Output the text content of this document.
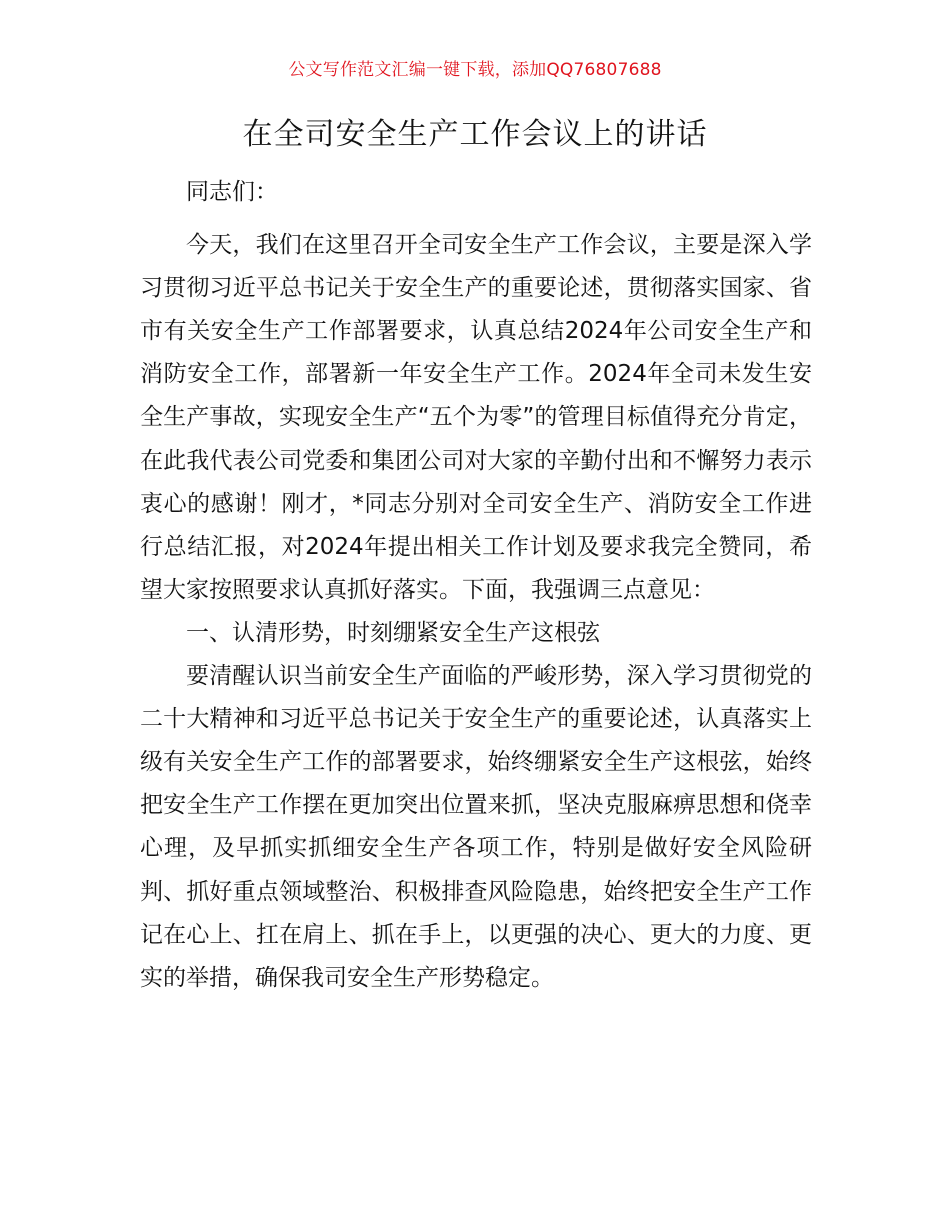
公文写作范文汇编一键下载，添加QQ76807688
在全司安全生产工作会议上的讲话

同志们：

今天，我们在这里召开全司安全生产工作会议，主要是深入学习贯彻习近平总书记关于安全生产的重要论述，贯彻落实国家、省市有关安全生产工作部署要求，认真总结2024年公司安全生产和消防安全工作，部署新一年安全生产工作。2024年全司未发生安全生产事故，实现安全生产“五个为零”的管理目标值得充分肯定，在此我代表公司党委和集团公司对大家的辛勤付出和不懈努力表示衷心的感谢！刚才，*同志分别对全司安全生产、消防安全工作进行总结汇报，对2024年提出相关工作计划及要求我完全赞同，希望大家按照要求认真抓好落实。下面，我强调三点意见：

一、认清形势，时刻绷紧安全生产这根弦

要清醒认识当前安全生产面临的严峻形势，深入学习贯彻党的二十大精神和习近平总书记关于安全生产的重要论述，认真落实上级有关安全生产工作的部署要求，始终绷紧安全生产这根弦，始终把安全生产工作摆在更加突出位置来抓，坚决克服麻痹思想和侥幸心理，及早抓实抓细安全生产各项工作，特别是做好安全风险研判、抓好重点领域整治、积极排查风险隐患，始终把安全生产工作记在心上、扛在肩上、抓在手上，以更强的决心、更大的力度、更实的举措，确保我司安全生产形势稳定。
